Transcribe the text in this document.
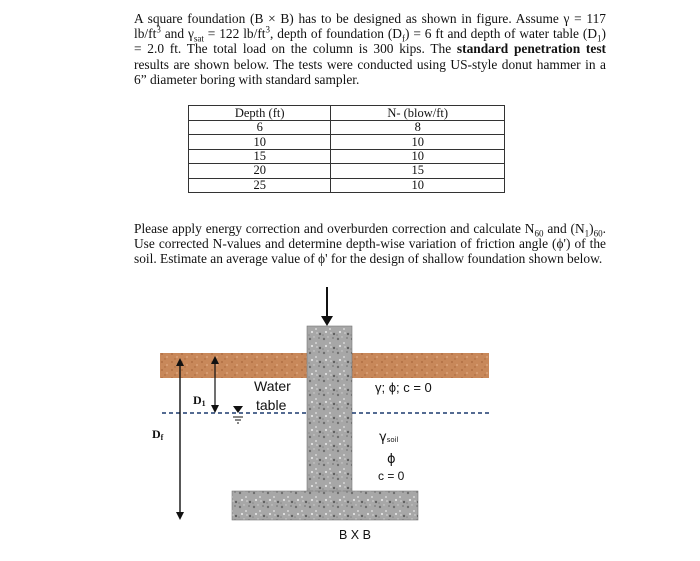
A square foundation (B × B) has to be designed as shown in figure. Assume γ = 117 $lb/ft^3$ and $\gamma_{sat} = 122$ $lb/ft^3$, depth of foundation $(D_f) = 6$ ft and depth of water table $(D_1) = 2.0$ ft. The total load on the column is 300 kips. The standard penetration test results are shown below. The tests were conducted using US-style donut hammer in a 6” diameter boring with standard sampler.
Depth (ft)	N- (blow/ft)
6	8
10	10
15	10
20	15
25	10
Please apply energy correction and overburden correction and calculate $N_{60}$ and $(N_1)_{60}$. Use corrected N-values and determine depth-wise variation of friction angle (ϕ') of the soil. Estimate an average value of ϕ' for the design of shallow foundation shown below.
Water
table
D1
Df
γ; ϕ; c = 0
γsoil
ϕ
c = 0
B X B
